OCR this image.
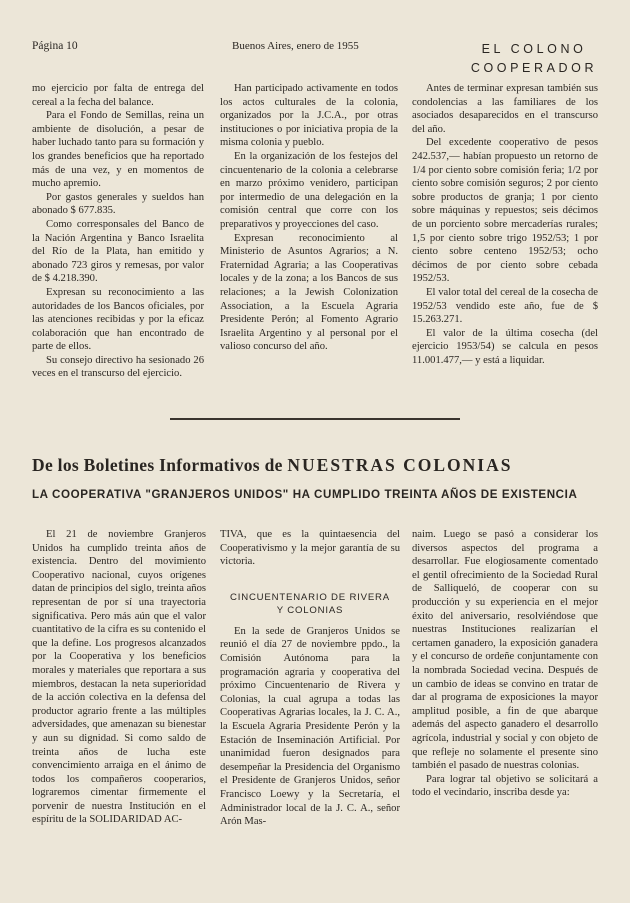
Página 10	Buenos Aires, enero de 1955	EL COLONO
COOPERADOR

mo ejercicio por falta de entrega del cereal a la fecha del balance.

Para el Fondo de Semillas, reina un ambiente de disolución, a pesar de haber luchado tanto para su formación y los grandes beneficios que ha reportado más de una vez, y en momentos de mucho apremio.

Por gastos generales y sueldos han abonado $ 677.835.

Como corresponsales del Banco de la Nación Argentina y Banco Israelita del Río de la Plata, han emitido y abonado 723 giros y remesas, por valor de $ 4.218.390.

Expresan su reconocimiento a las autoridades de los Bancos oficiales, por las atenciones recibidas y por la eficaz colaboración que han encontrado de parte de ellos.

Su consejo directivo ha sesionado 26 veces en el transcurso del ejercicio.

Han participado activamente en todos los actos culturales de la colonia, organizados por la J.C.A., por otras instituciones o por iniciativa propia de la misma colonia y pueblo.

En la organización de los festejos del cincuentenario de la colonia a celebrarse en marzo próximo venidero, participan por intermedio de una delegación en la comisión central que corre con los preparativos y proyecciones del caso.

Expresan reconocimiento al Ministerio de Asuntos Agrarios; a N. Fraternidad Agraria; a las Cooperativas locales y de la zona; a los Bancos de sus relaciones; a la Jewish Colonization Association, a la Escuela Agraria Presidente Perón; al Fomento Agrario Israelita Argentino y al personal por el valioso concurso del año.

Antes de terminar expresan también sus condolencias a las familiares de los asociados desaparecidos en el transcurso del año.

Del excedente cooperativo de pesos 242.537,— habían propuesto un retorno de 1/4 por ciento sobre comisión feria; 1/2 por ciento sobre comisión seguros; 2 por ciento sobre productos de granja; 1 por ciento sobre máquinas y repuestos; seis décimos de un porciento sobre mercaderías rurales; 1,5 por ciento sobre trigo 1952/53; 1 por ciento sobre centeno 1952/53; ocho décimos de por ciento sobre cebada 1952/53.

El valor total del cereal de la cosecha de 1952/53 vendido este año, fue de $ 15.263.271.

El valor de la última cosecha (del ejercicio 1953/54) se calcula en pesos 11.001.477,— y está a liquidar.

De los Boletines Informativos de NUESTRAS COLONIAS
LA COOPERATIVA "GRANJEROS UNIDOS" HA CUMPLIDO TREINTA AÑOS DE EXISTENCIA

El 21 de noviembre Granjeros Unidos ha cumplido treinta años de existencia. Dentro del movimiento Cooperativo nacional, cuyos orígenes datan de principios del siglo, treinta años representan de por sí una trayectoria significativa. Pero más aún que el valor cuantitativo de la cifra es su contenido el que la define. Los progresos alcanzados por la Cooperativa y los beneficios morales y materiales que reportara a sus miembros, destacan la neta superioridad de la acción colectiva en la defensa del productor agrario frente a las múltiples adversidades, que amenazan su bienestar y aun su dignidad. Si como saldo de treinta años de lucha este convencimiento arraiga en el ánimo de todos los compañeros cooperarios, lograremos cimentar firmemente el porvenir de nuestra Institución en el espíritu de la SOLIDARIDAD AC-

TIVA, que es la quintaesencia del Cooperativismo y la mejor garantía de su victoria.

CINCUENTENARIO DE RIVERA
Y COLONIAS

En la sede de Granjeros Unidos se reunió el día 27 de noviembre ppdo., la Comisión Autónoma para la programación agraria y cooperativa del próximo Cincuentenario de Rivera y Colonias, la cual agrupa a todas las Cooperativas Agrarias locales, la J. C. A., la Escuela Agraria Presidente Perón y la Estación de Inseminación Artificial. Por unanimidad fueron designados para desempeñar la Presidencia del Organismo el Presidente de Granjeros Unidos, señor Francisco Loewy y la Secretaría, el Administrador local de la J. C. A., señor Arón Mas-

naim. Luego se pasó a considerar los diversos aspectos del programa a desarrollar. Fue elogiosamente comentado el gentil ofrecimiento de la Sociedad Rural de Salliqueló, de cooperar con su producción y su experiencia en el mejor éxito del aniversario, resolviéndose que nuestras Instituciones realizarían el certamen ganadero, la exposición ganadera y el concurso de ordeñe conjuntamente con la nombrada Sociedad vecina. Después de un cambio de ideas se convino en tratar de dar al programa de exposiciones la mayor amplitud posible, a fin de que abarque además del aspecto ganadero el desarrollo agrícola, industrial y social y con objeto de que refleje no solamente el presente sino también el pasado de nuestras colonias.

Para lograr tal objetivo se solicitará a todo el vecindario, inscriba desde ya:
